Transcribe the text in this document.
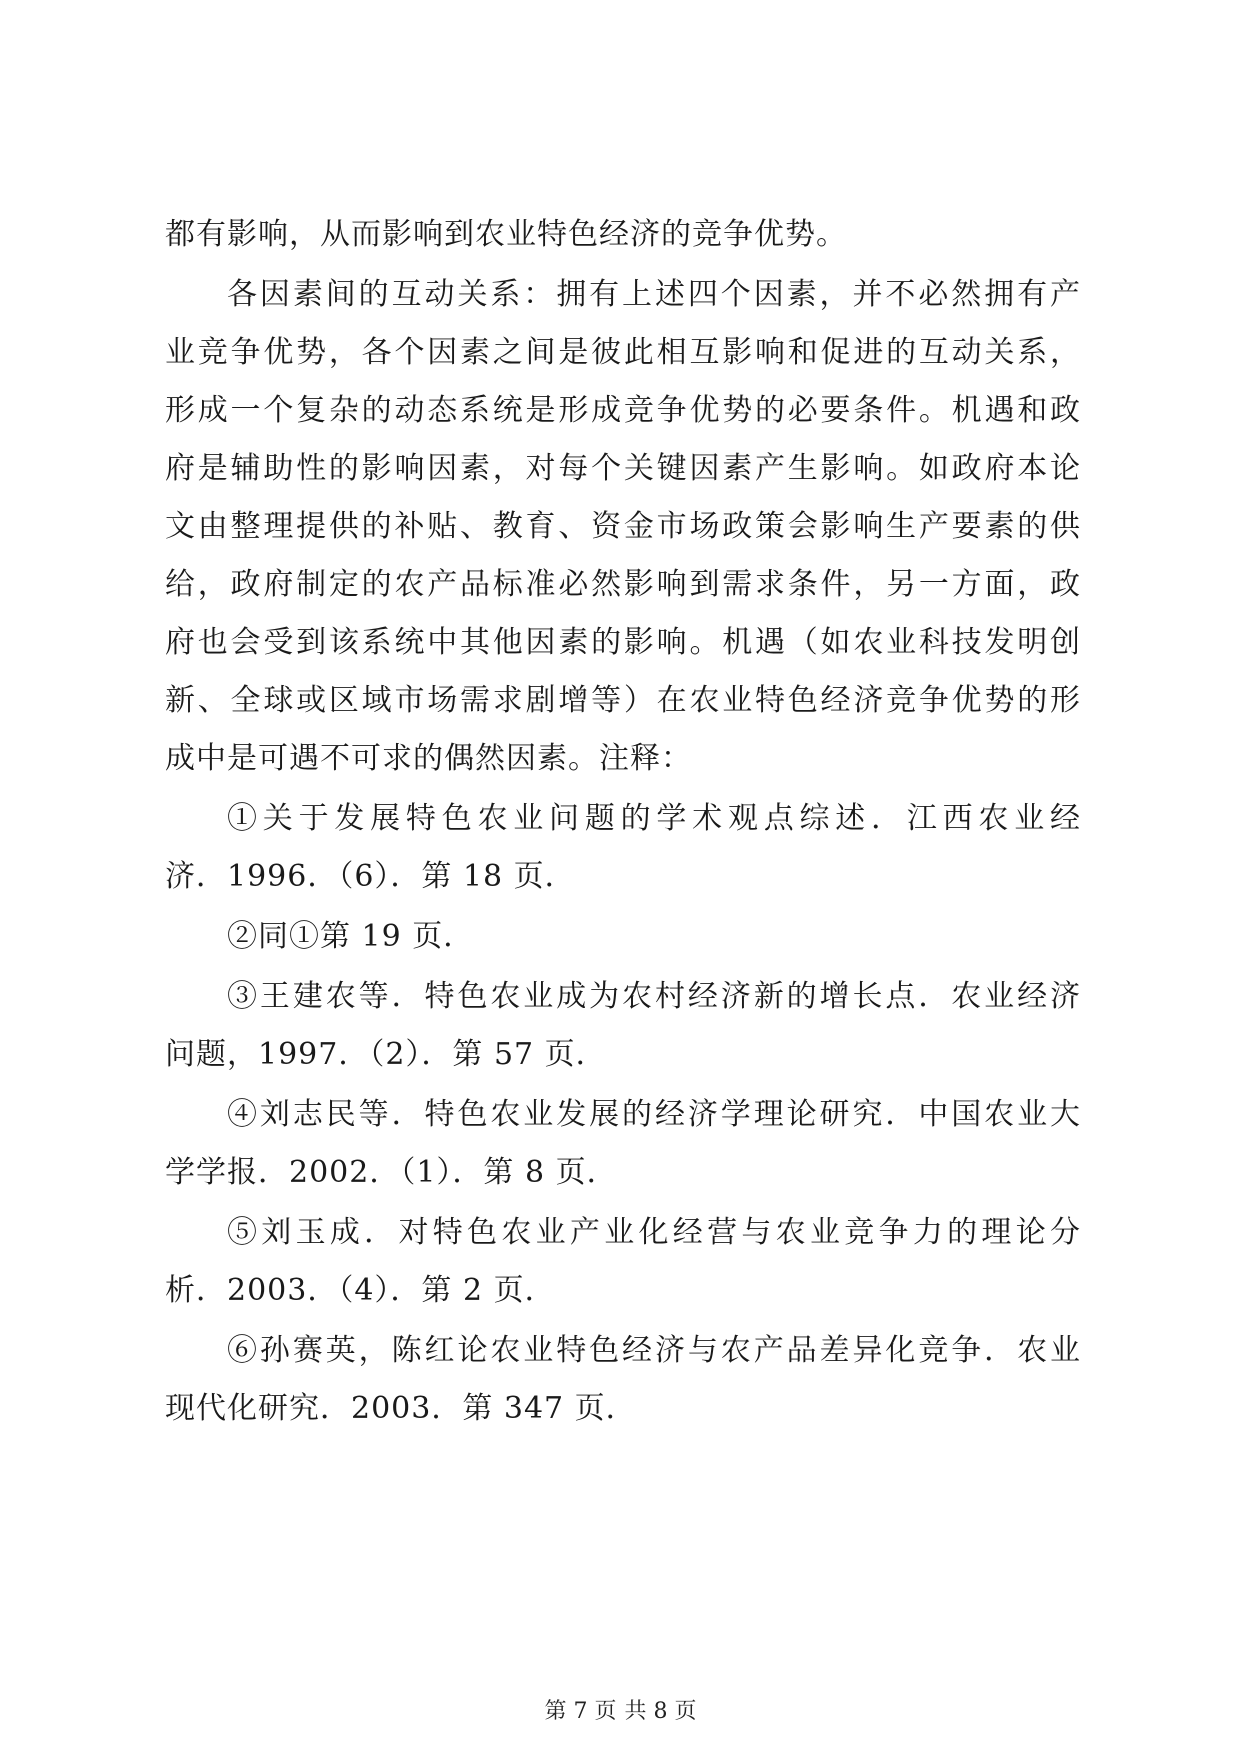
都有影响，从而影响到农业特色经济的竞争优势。
各因素间的互动关系：拥有上述四个因素，并不必然拥有产
业竞争优势，各个因素之间是彼此相互影响和促进的互动关系，
形成一个复杂的动态系统是形成竞争优势的必要条件。机遇和政
府是辅助性的影响因素，对每个关键因素产生影响。如政府本论
文由整理提供的补贴、教育、资金市场政策会影响生产要素的供
给，政府制定的农产品标准必然影响到需求条件，另一方面，政
府也会受到该系统中其他因素的影响。机遇（如农业科技发明创
新、全球或区域市场需求剧增等）在农业特色经济竞争优势的形
成中是可遇不可求的偶然因素。注释：
①关于发展特色农业问题的学术观点综述．江西农业经
济．1996．（6）．第 18 页．
②同①第 19 页．
③王建农等．特色农业成为农村经济新的增长点．农业经济
问题，1997．（2）．第 57 页．
④刘志民等．特色农业发展的经济学理论研究．中国农业大
学学报．2002．（1）．第 8 页．
⑤刘玉成．对特色农业产业化经营与农业竞争力的理论分
析．2003．（4）．第 2 页．
⑥孙赛英，陈红论农业特色经济与农产品差异化竞争．农业
现代化研究．2003．第 347 页．
第 7 页 共 8 页
